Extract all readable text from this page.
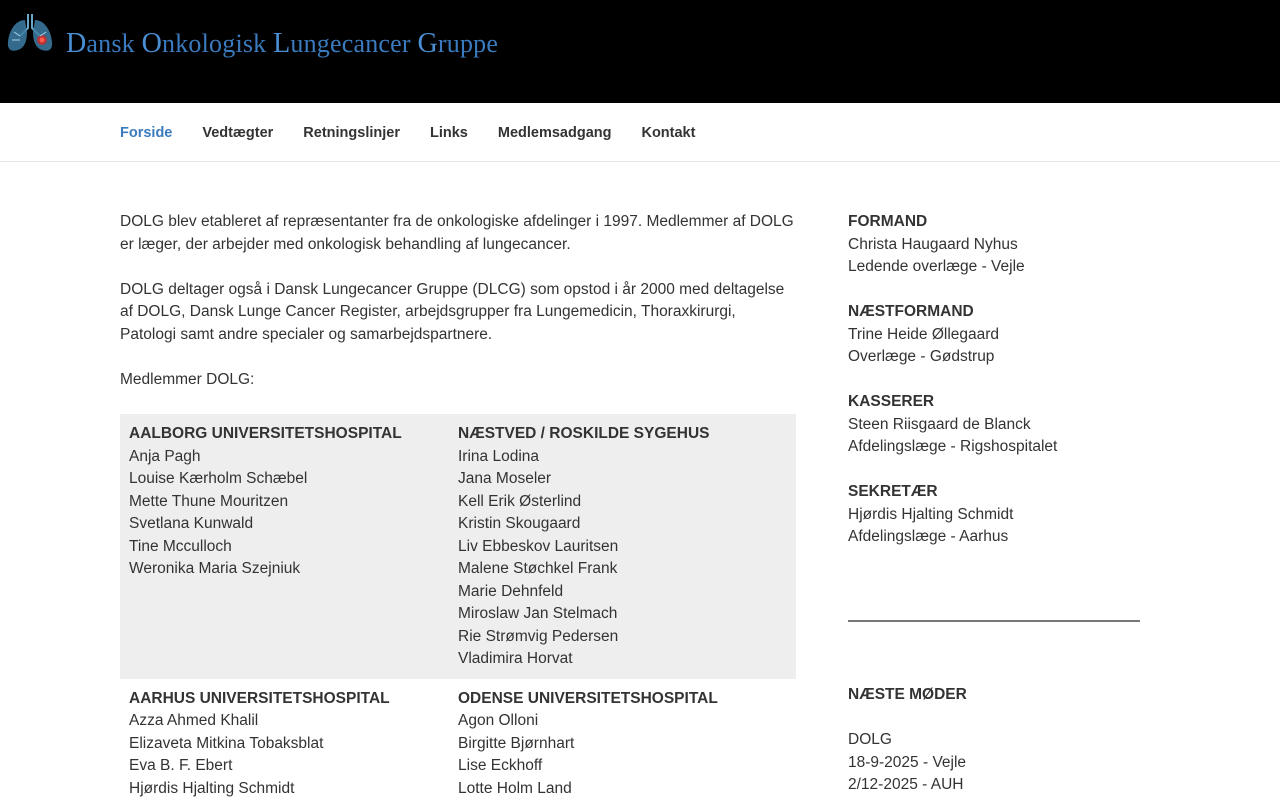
Dansk Onkologisk Lungecancer Gruppe
Forside Vedtægter Retningslinjer Links Medlemsadgang Kontakt

DOLG blev etableret af repræsentanter fra de onkologiske afdelinger i 1997. Medlemmer af DOLG er læger, der arbejder med onkologisk behandling af lungecancer.

DOLG deltager også i Dansk Lungecancer Gruppe (DLCG) som opstod i år 2000 med deltagelse af DOLG, Dansk Lunge Cancer Register, arbejdsgrupper fra Lungemedicin, Thoraxkirurgi, Patologi samt andre specialer og samarbejdspartnere.

Medlemmer DOLG:

AALBORG UNIVERSITETSHOSPITAL
Anja Pagh
Louise Kærholm Schæbel
Mette Thune Mouritzen
Svetlana Kunwald
Tine Mcculloch
Weronika Maria Szejniuk
NÆSTVED / ROSKILDE SYGEHUS
Irina Lodina
Jana Moseler
Kell Erik Østerlind
Kristin Skougaard
Liv Ebbeskov Lauritsen
Malene Støchkel Frank
Marie Dehnfeld
Miroslaw Jan Stelmach
Rie Strømvig Pedersen
Vladimira Horvat
AARHUS UNIVERSITETSHOSPITAL
Azza Ahmed Khalil
Elizaveta Mitkina Tobaksblat
Eva B. F. Ebert
Hjørdis Hjalting Schmidt
ODENSE UNIVERSITETSHOSPITAL
Agon Olloni
Birgitte Bjørnhart
Lise Eckhoff
Lotte Holm Land
FORMAND
Christa Haugaard Nyhus
Ledende overlæge - Vejle
NÆSTFORMAND
Trine Heide Øllegaard
Overlæge - Gødstrup
KASSERER
Steen Riisgaard de Blanck
Afdelingslæge - Rigshospitalet
SEKRETÆR
Hjørdis Hjalting Schmidt
Afdelingslæge - Aarhus
NÆSTE MØDER
DOLG
18-9-2025 - Vejle
2/12-2025 - AUH
